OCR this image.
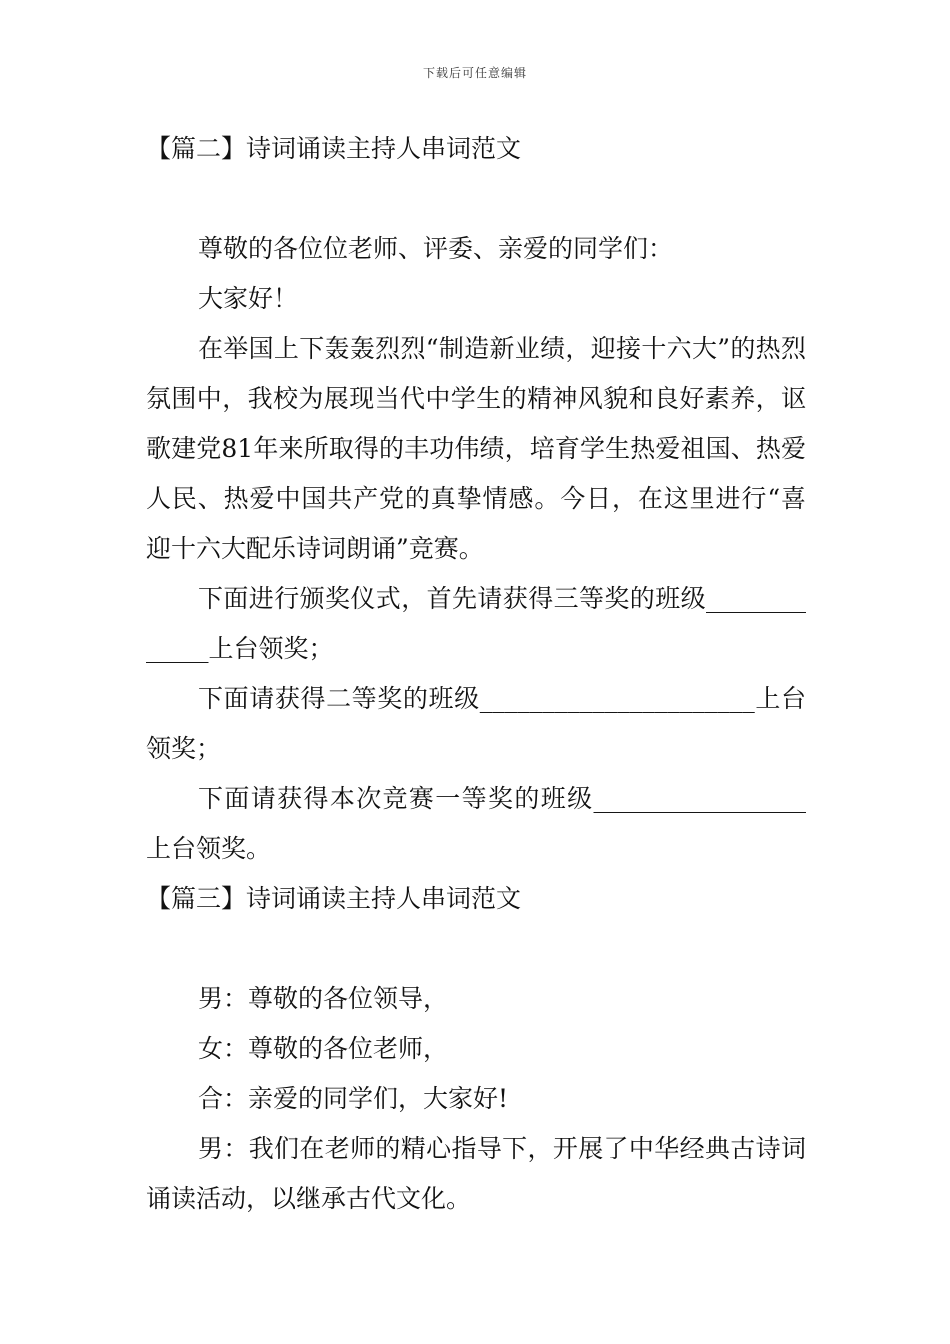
下载后可任意编辑
【篇二】诗词诵读主持人串词范文

尊敬的各位位老师、评委、亲爱的同学们：

大家好！

在举国上下轰轰烈烈“制造新业绩，迎接十六大”的热烈氛围中，我校为展现当代中学生的精神风貌和良好素养，讴歌建党81年来所取得的丰功伟绩，培育学生热爱祖国、热爱人民、热爱中国共产党的真挚情感。今日，在这里进行“喜迎十六大配乐诗词朗诵”竞赛。

下面进行颁奖仪式，首先请获得三等奖的班级_____________上台领奖；

下面请获得二等奖的班级______________________上台领奖；

下面请获得本次竞赛一等奖的班级_________________上台领奖。

【篇三】诗词诵读主持人串词范文

男：尊敬的各位领导，

女：尊敬的各位老师，

合：亲爱的同学们，大家好!

男：我们在老师的精心指导下，开展了中华经典古诗词诵读活动，以继承古代文化。
